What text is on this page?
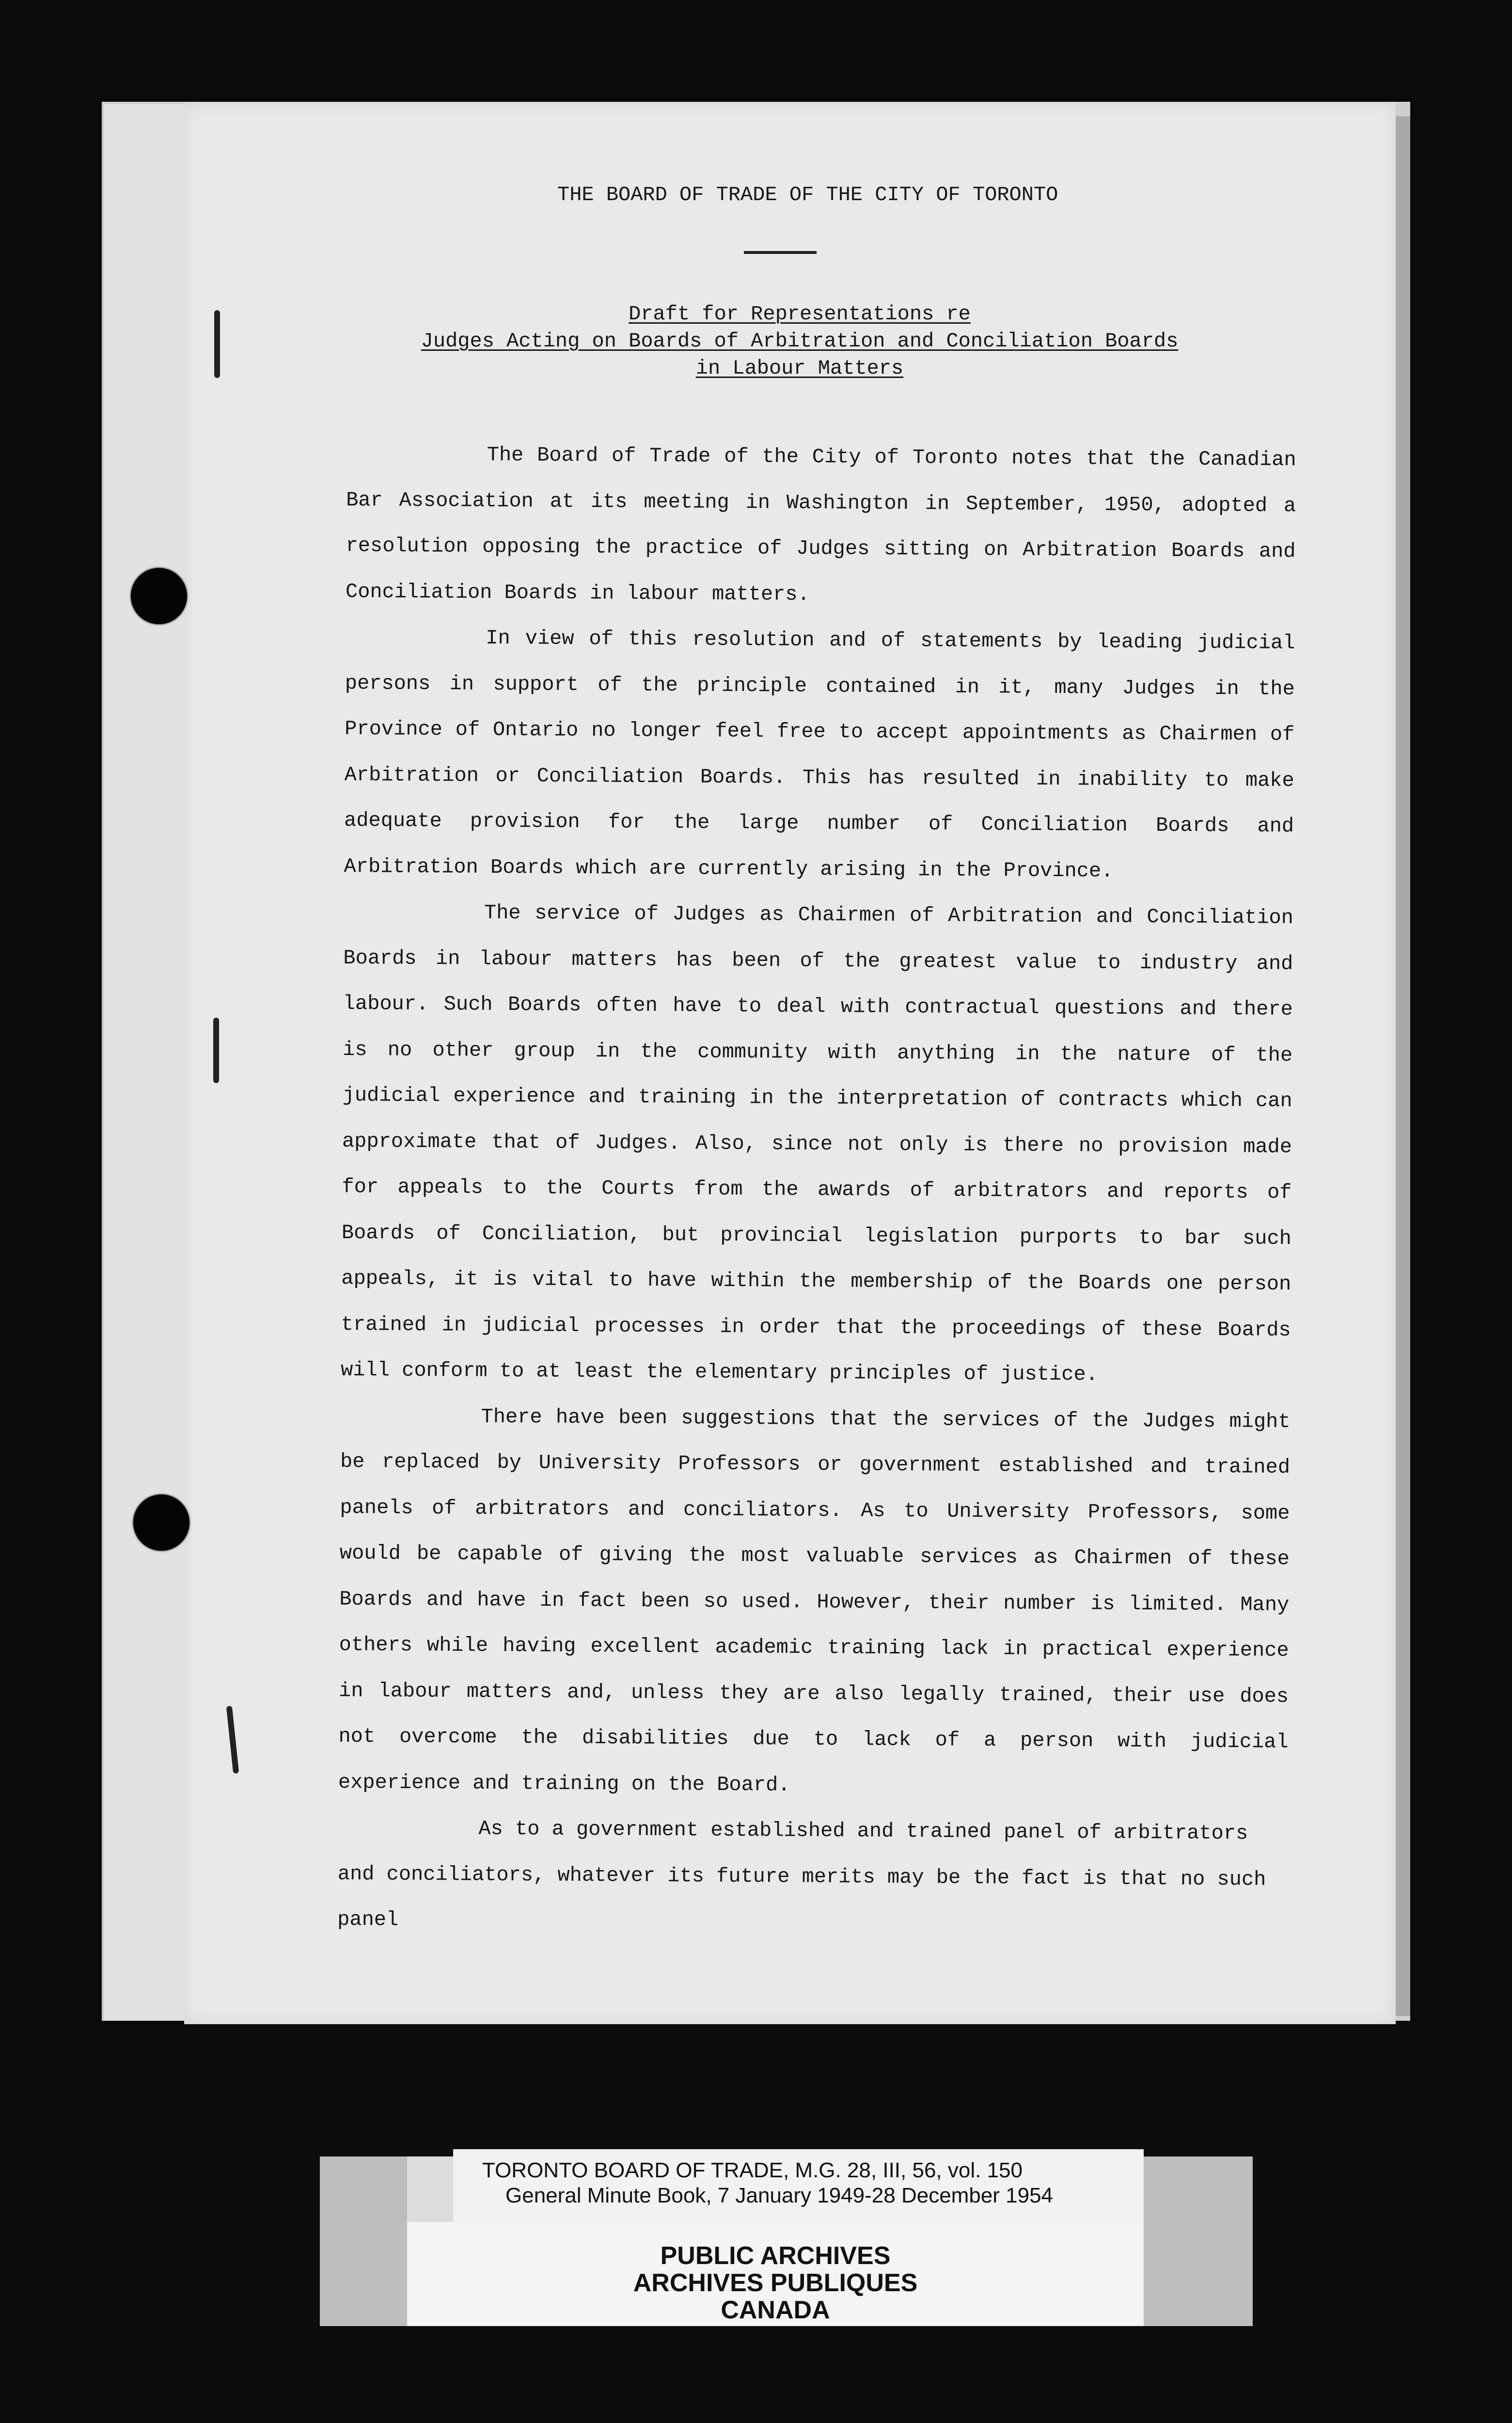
THE BOARD OF TRADE OF THE CITY OF TORONTO
Draft for Representations re
Judges Acting on Boards of Arbitration and Conciliation Boards
in Labour Matters

The Board of Trade of the City of Toronto notes that the Canadian Bar Association at its meeting in Washington in September, 1950, adopted a resolution opposing the practice of Judges sitting on Arbitration Boards and Conciliation Boards in labour matters.

In view of this resolution and of statements by leading judicial persons in support of the principle contained in it, many Judges in the Province of Ontario no longer feel free to accept appointments as Chairmen of Arbitration or Conciliation Boards. This has resulted in inability to make adequate provision for the large number of Conciliation Boards and Arbitration Boards which are currently arising in the Province.

The service of Judges as Chairmen of Arbitration and Conciliation Boards in labour matters has been of the greatest value to industry and labour. Such Boards often have to deal with contractual questions and there is no other group in the community with anything in the nature of the judicial experience and training in the interpretation of contracts which can approximate that of Judges. Also, since not only is there no provision made for appeals to the Courts from the awards of arbitrators and reports of Boards of Conciliation, but provincial legislation purports to bar such appeals, it is vital to have within the membership of the Boards one person trained in judicial processes in order that the proceedings of these Boards will conform to at least the elementary principles of justice.

There have been suggestions that the services of the Judges might be replaced by University Professors or government established and trained panels of arbitrators and conciliators. As to University Professors, some would be capable of giving the most valuable services as Chairmen of these Boards and have in fact been so used. However, their number is limited. Many others while having excellent academic training lack in practical experience in labour matters and, unless they are also legally trained, their use does not overcome the disabilities due to lack of a person with judicial experience and training on the Board.

As to a government established and trained panel of arbitrators and conciliators, whatever its future merits may be the fact is that no such panel

TORONTO BOARD OF TRADE, M.G. 28, III, 56, vol. 150
General Minute Book, 7 January 1949-28 December 1954
PUBLIC ARCHIVES
ARCHIVES PUBLIQUES
CANADA
